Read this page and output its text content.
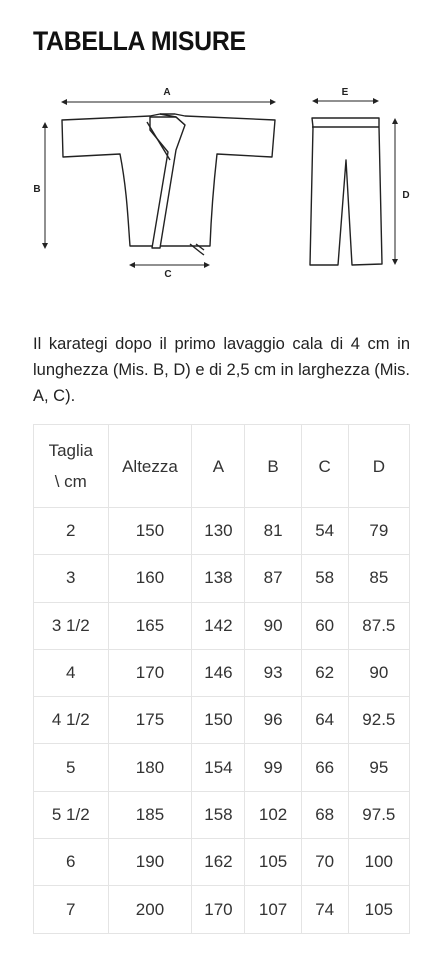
TABELLA MISURE
A
B
C
E
D

Il karategi dopo il primo lavaggio cala di 4 cm in lunghezza (Mis. B, D) e di 2,5 cm in larghezza (Mis. A, C).

Taglia
\ cm	Altezza	A	B	C	D
2	150	130	81	54	79
3	160	138	87	58	85
3 1/2	165	142	90	60	87.5
4	170	146	93	62	90
4 1/2	175	150	96	64	92.5
5	180	154	99	66	95
5 1/2	185	158	102	68	97.5
6	190	162	105	70	100
7	200	170	107	74	105
